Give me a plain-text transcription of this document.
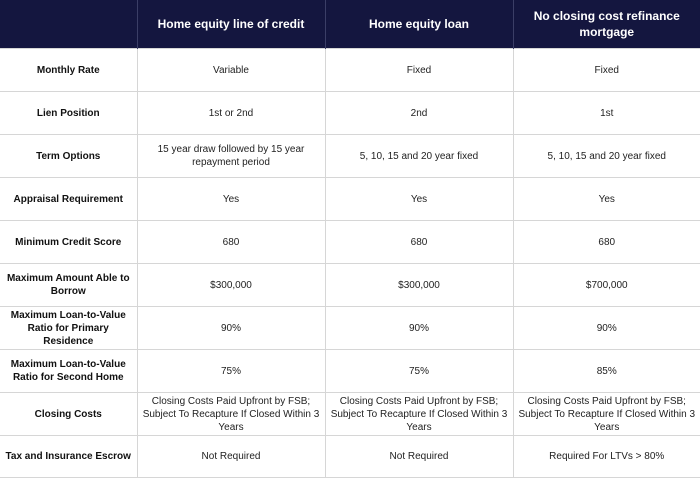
	Home equity line of credit	Home equity loan	No closing cost refinance mortgage
Monthly Rate	Variable	Fixed	Fixed
Lien Position	1st or 2nd	2nd	1st
Term Options	15 year draw followed by 15 year repayment period	5, 10, 15 and 20 year fixed	5, 10, 15 and 20 year fixed
Appraisal Requirement	Yes	Yes	Yes
Minimum Credit Score	680	680	680
Maximum Amount Able to Borrow	$300,000	$300,000	$700,000
Maximum Loan-to-Value Ratio for Primary Residence	90%	90%	90%
Maximum Loan-to-Value Ratio for Second Home	75%	75%	85%
Closing Costs	Closing Costs Paid Upfront by FSB; Subject To Recapture If Closed Within 3 Years	Closing Costs Paid Upfront by FSB; Subject To Recapture If Closed Within 3 Years	Closing Costs Paid Upfront by FSB; Subject To Recapture If Closed Within 3 Years
Tax and Insurance Escrow	Not Required	Not Required	Required For LTVs > 80%
